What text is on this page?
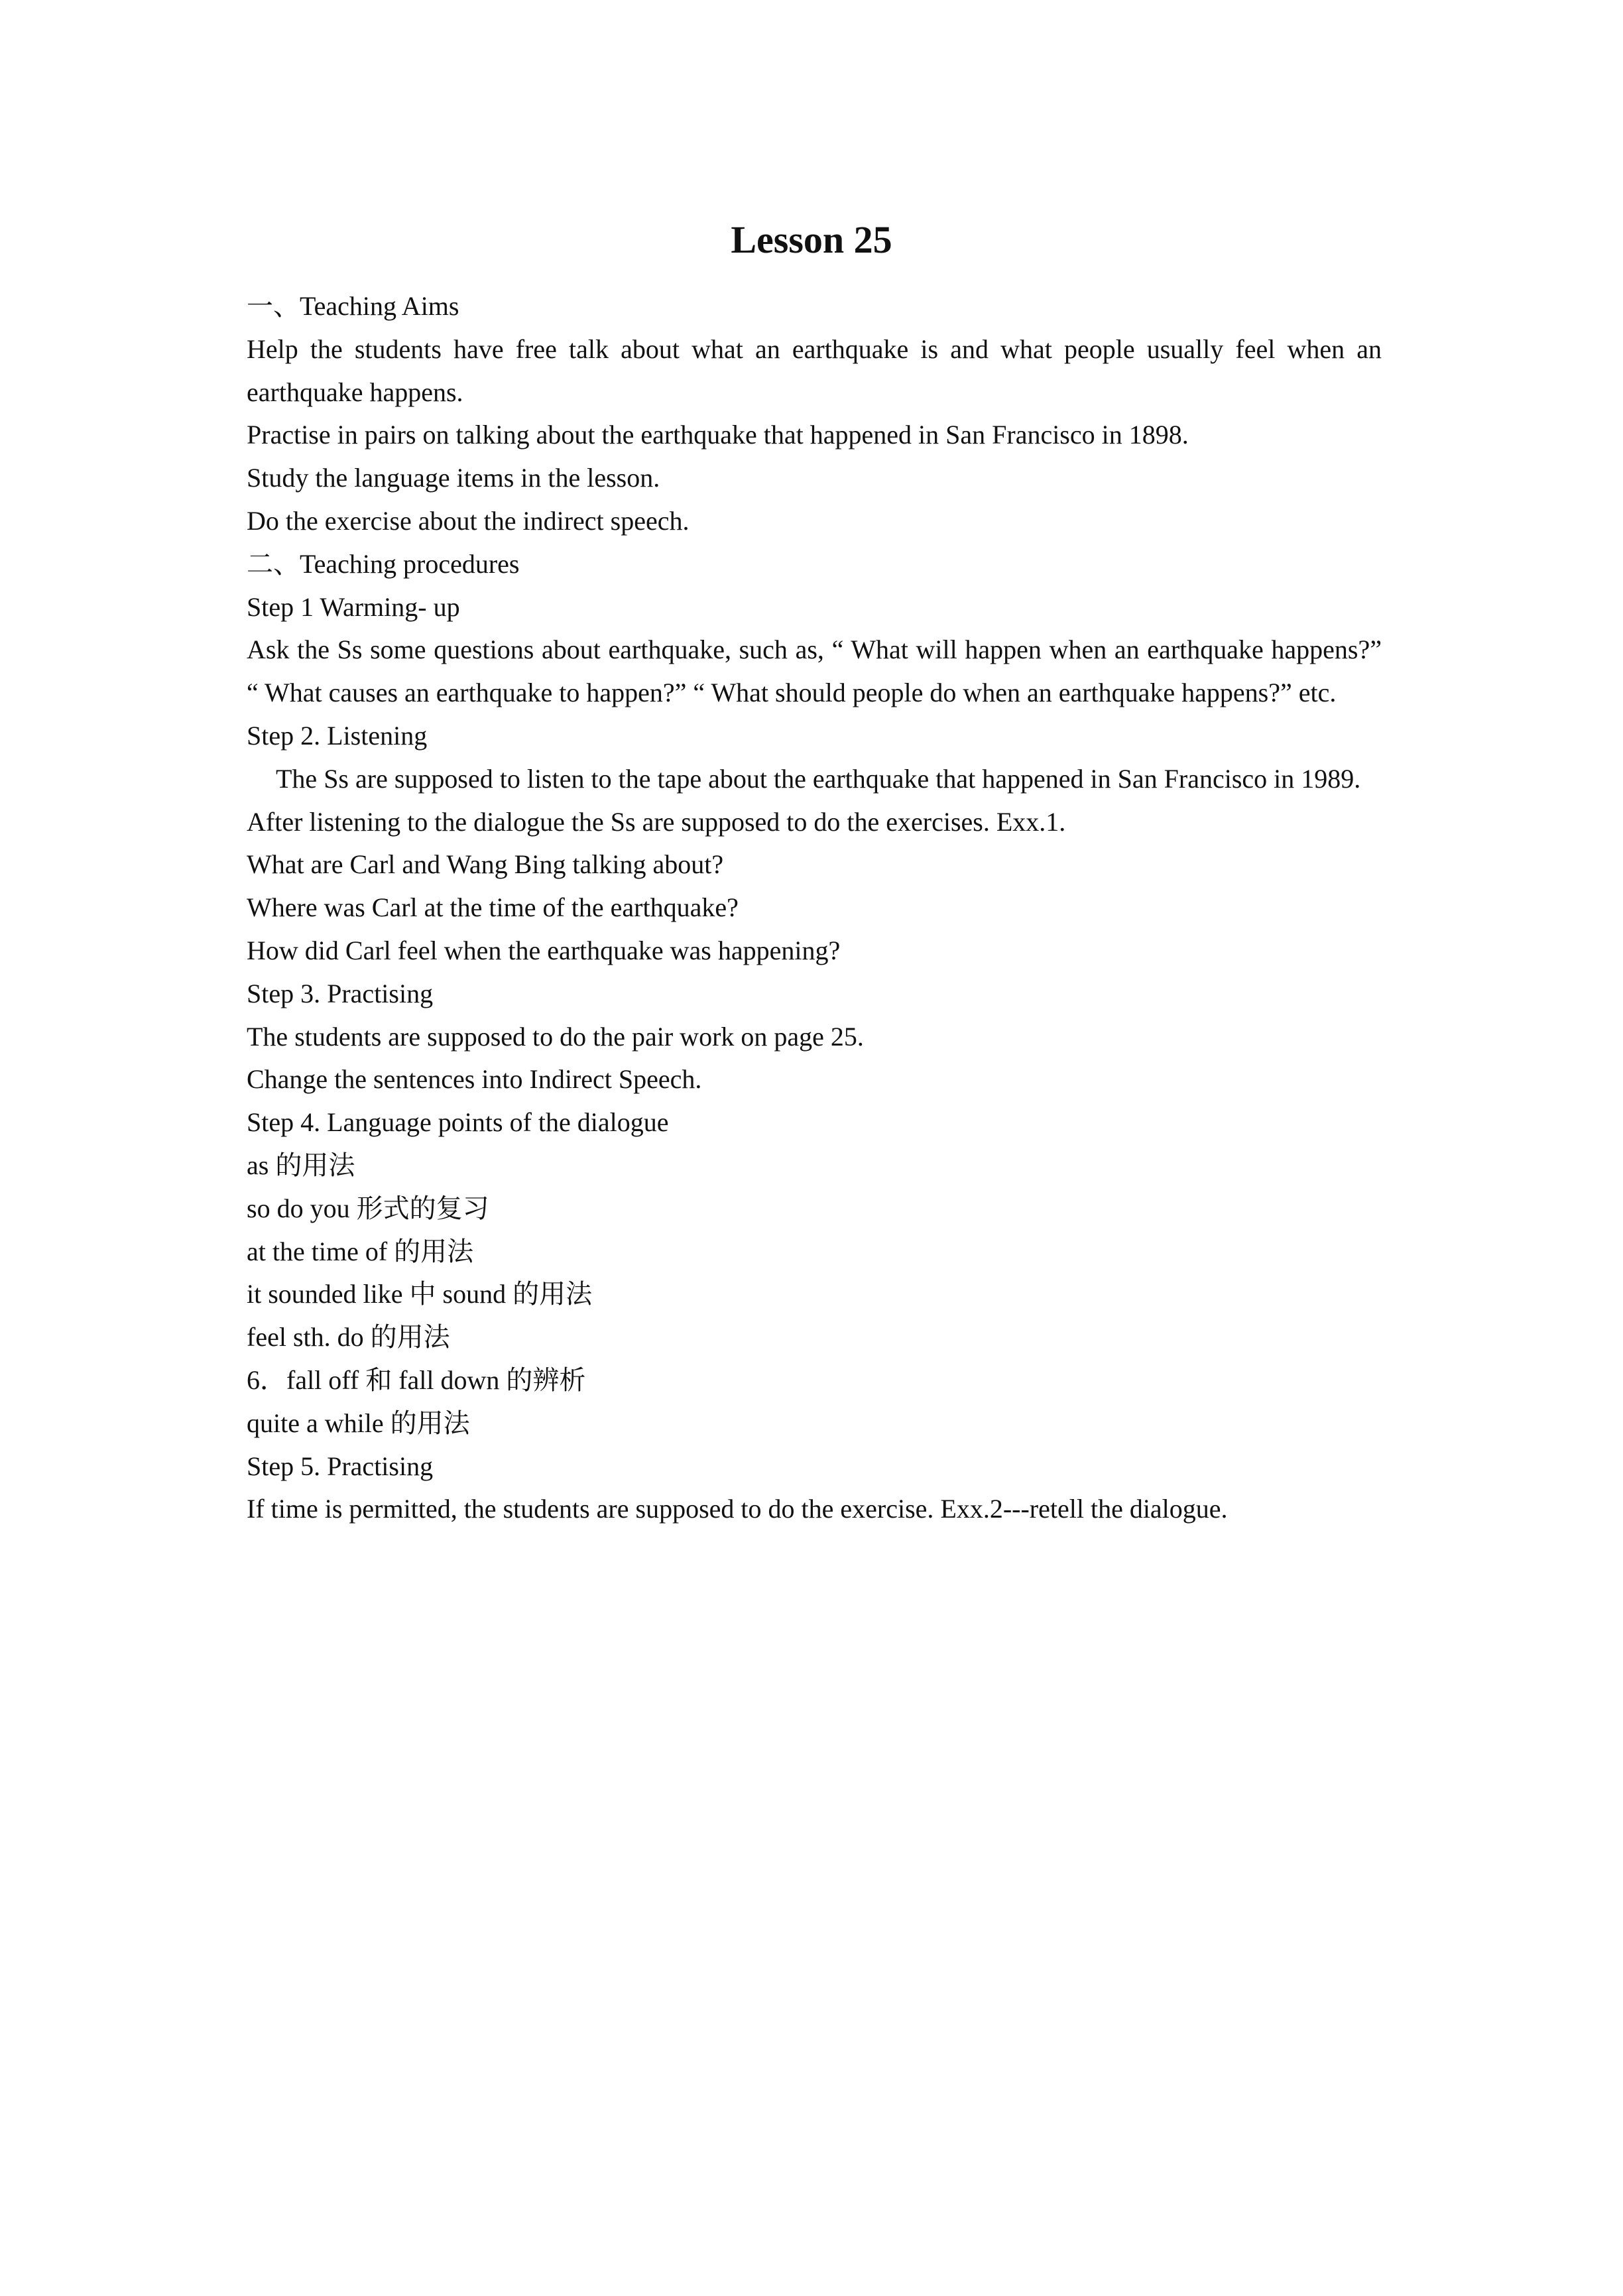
Lesson 25
一、Teaching Aims
Help the students have free talk about what an earthquake is and what people usually feel when an earthquake happens.
Practise in pairs on talking about the earthquake that happened in San Francisco in 1898.
Study the language items in the lesson.
Do the exercise about the indirect speech.
二、Teaching procedures
Step 1 Warming- up
Ask the Ss some questions about earthquake, such as, “ What will happen when an earthquake happens?” “ What causes an earthquake to happen?” “ What should people do when an earthquake happens?” etc.
Step 2. Listening
The Ss are supposed to listen to the tape about the earthquake that happened in San Francisco in 1989.
After listening to the dialogue the Ss are supposed to do the exercises. Exx.1.
What are Carl and Wang Bing talking about?
Where was Carl at the time of the earthquake?
How did Carl feel when the earthquake was happening?
Step 3. Practising
The students are supposed to do the pair work on page 25.
Change the sentences into Indirect Speech.
Step 4. Language points of the dialogue
as 的用法
so do you 形式的复习
at the time of 的用法
it sounded like 中 sound 的用法
feel sth. do 的用法
6．fall off 和 fall down 的辨析
quite a while 的用法
Step 5. Practising
If time is permitted, the students are supposed to do the exercise. Exx.2---retell the dialogue.
